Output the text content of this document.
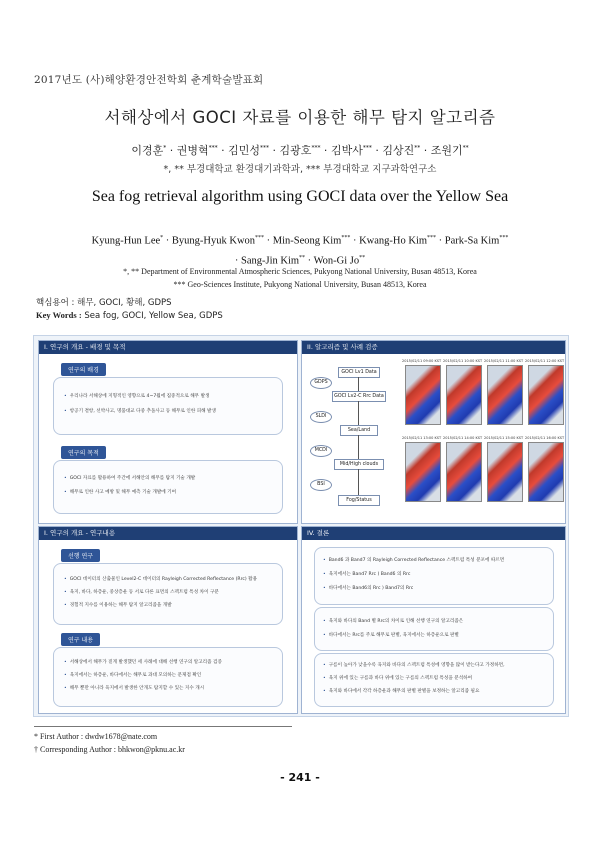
2017년도 (사)해양환경안전학회 춘계학술발표회
서해상에서 GOCI 자료를 이용한 해무 탐지 알고리즘
이경훈* · 권병혁*** · 김민성*** · 김광호*** · 김박사*** · 김상진** · 조원기**
*, ** 부경대학교 환경대기과학과, *** 부경대학교 지구과학연구소
Sea fog retrieval algorithm using GOCI data over the Yellow Sea
Kyung-Hun Lee* · Byung-Hyuk Kwon*** · Min-Seong Kim*** · Kwang-Ho Kim*** · Park-Sa Kim***
· Sang-Jin Kim** · Won-Gi Jo**
*, ** Department of Environmental Atmospheric Sciences, Pukyong National University, Busan 48513, Korea
*** Geo-Sciences Institute, Pukyong National University, Busan 48513, Korea
핵심용어 : 해무, GOCI, 황해, GDPS
Key Words : Sea fog, GOCI, Yellow Sea, GDPS
I. 연구의 개요 - 배경 및 목적
연구의 배경
• 우리나라 서해상에 지형적인 영향으로 4~7월에 집중적으로 해무 발생
• 항공기 결항, 선박사고, 명품대교 다중 추돌사고 등 해무로 인한 피해 발생
연구의 목적
• GOCI 자료를 활용하여 주간에 서해안의 해무를 탐지 기술 개발
• 해무로 인한 사고 예방 및 해무 예측 기술 개발에 기여
II. 알고리즘 및 사례 검증
GOCI Lv1 Data
GOCI Lv2-C Rrc Data
Sea/Land
Mid/High clouds
Fog/Status
GDPS
SLDI
MCDI
BSI
2015/02/11 09:00 KST 2015/02/11 10:00 KST 2015/02/11 11:00 KST 2015/02/11 12:00 KST
2015/02/11 13:00 KST 2015/02/11 14:00 KST 2015/02/11 15:00 KST 2015/02/11 16:00 KST
I. 연구의 개요 - 연구내용
선행 연구
• GOCI 데이터의 산출물인 Level2-C 데이터의 Rayleigh Corrected Reflectance (Rrc) 활용
• 육지, 바다, 하층운, 중상층운 등 서로 다른 표면의 스펙트럼 특성 차이 구분
• 경험적 지수를 이용하는 해무 탐지 알고리즘을 개발
연구 내용
• 서해상에서 해무가 짙게 발생했던 세 사례에 대해 선행 연구의 알고리즘 검증
• 육지에서는 하층운, 바다에서는 해무로 과대 모의하는 문제점 확인
• 해무 뿐만 아니라 육지에서 발생한 안개도 탐지할 수 있는 지수 개시
IV. 결론
• Band6 과 Band7 의 Rayleigh Corrected Reflectance 스펙트럼 특성 분포에 따르면
• 육지에서는 Band7 Rrc ) Band6 의 Rrc
• 바다에서는 Band6의 Rrc ) Band7의 Rrc
• 육지와 바다의 Band 별 Rrc의 차이로 인해 선행 연구의 알고리즘은
• 바다에서는 Rrc를 주로 해무로 판별, 육지에서는 하층운으로 판별
• 구름이 높아가 낮을수록 육지와 바다의 스펙트럼 특성에 영향을 많이 받는다고 가정하면,
• 육지 위에 있는 구름과 바다 위에 있는 구름의 스펙트럼 특성을 분석하여
• 육지와 바다에서 각각 하층운과 해무의 판별 판별을 보정하는 알고리즘 필요
* First Author : dwdw1678@nate.com
† Corresponding Author : bhkwon@pknu.ac.kr
- 241 -
